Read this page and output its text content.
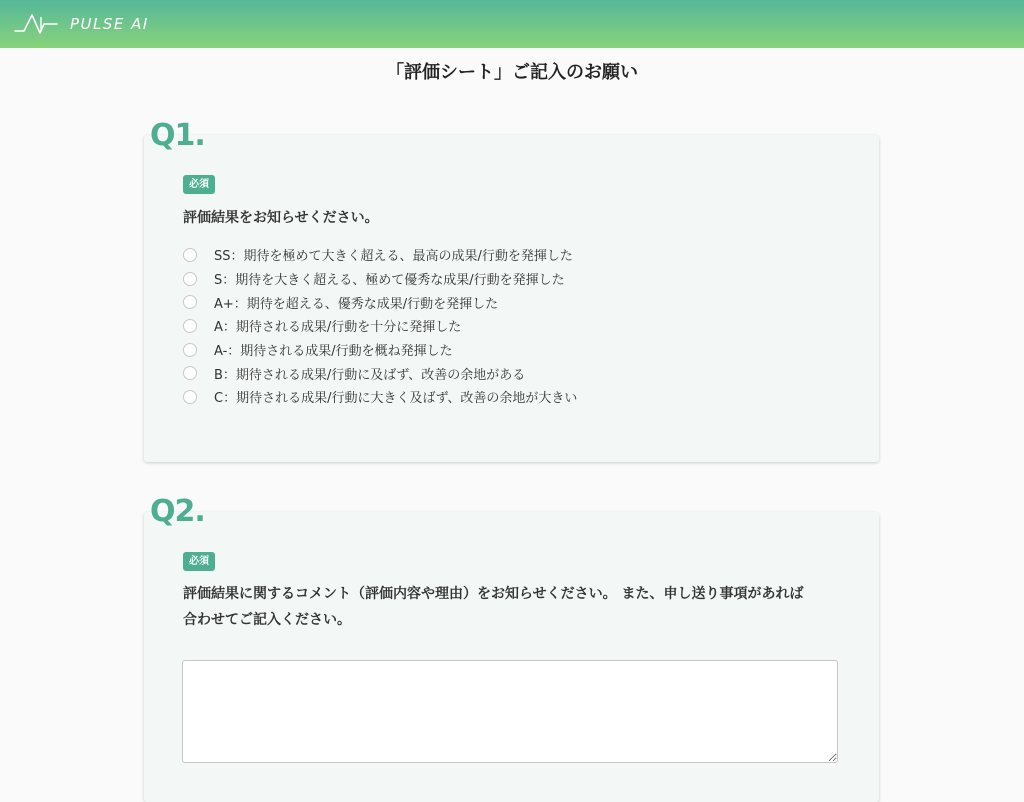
PULSE AI
「評価シート」ご記入のお願い
Q1.
必須
評価結果をお知らせください。
SS：期待を極めて大きく超える、最高の成果/行動を発揮した
S：期待を大きく超える、極めて優秀な成果/行動を発揮した
A+：期待を超える、優秀な成果/行動を発揮した
A：期待される成果/行動を十分に発揮した
A-：期待される成果/行動を概ね発揮した
B：期待される成果/行動に及ばず、改善の余地がある
C：期待される成果/行動に大きく及ばず、改善の余地が大きい
Q2.
必須
評価結果に関するコメント（評価内容や理由）をお知らせください。 また、申し送り事項があれば
合わせてご記入ください。
